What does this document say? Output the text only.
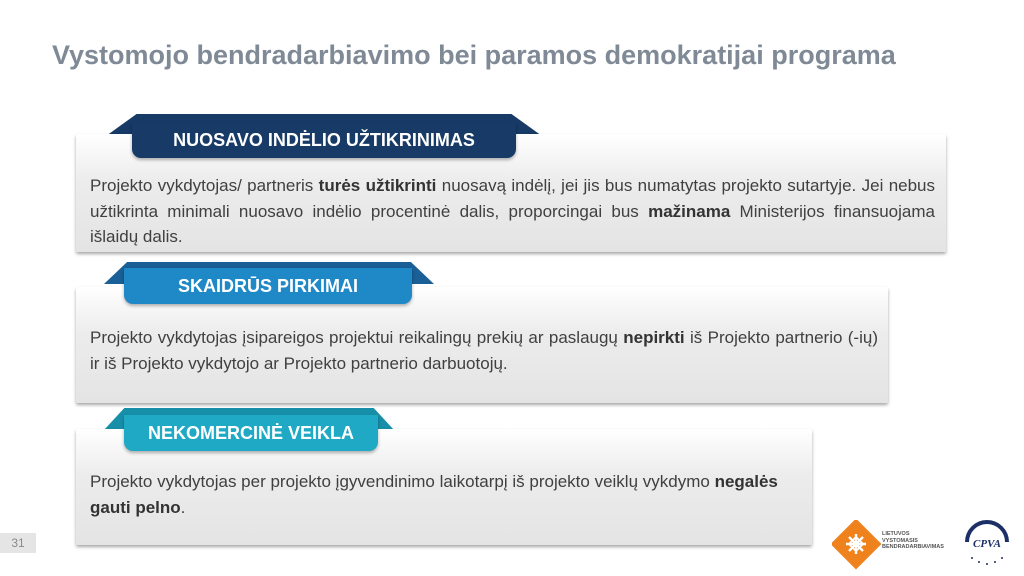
Vystomojo bendradarbiavimo bei paramos demokratijai programa

Projekto vykdytojas/ partneris turės užtikrinti nuosavą indėlį, jei jis bus numatytas projekto sutartyje. Jei nebus užtikrinta minimali nuosavo indėlio procentinė dalis, proporcingai bus mažinama Ministerijos finansuojama išlaidų dalis.

NUOSAVO INDĖLIO UŽTIKRINIMAS

Projekto vykdytojas įsipareigos projektui reikalingų prekių ar paslaugų nepirkti iš Projekto partnerio (-ių) ir iš Projekto vykdytojo ar Projekto partnerio darbuotojų.

SKAIDRŪS PIRKIMAI

Projekto vykdytojas per projekto įgyvendinimo laikotarpį iš projekto veiklų vykdymo negalės gauti pelno.

NEKOMERCINĖ VEIKLA
31
LIETUVOS
VYSTOMASIS
BENDRADARBIAVIMAS	CPVA
